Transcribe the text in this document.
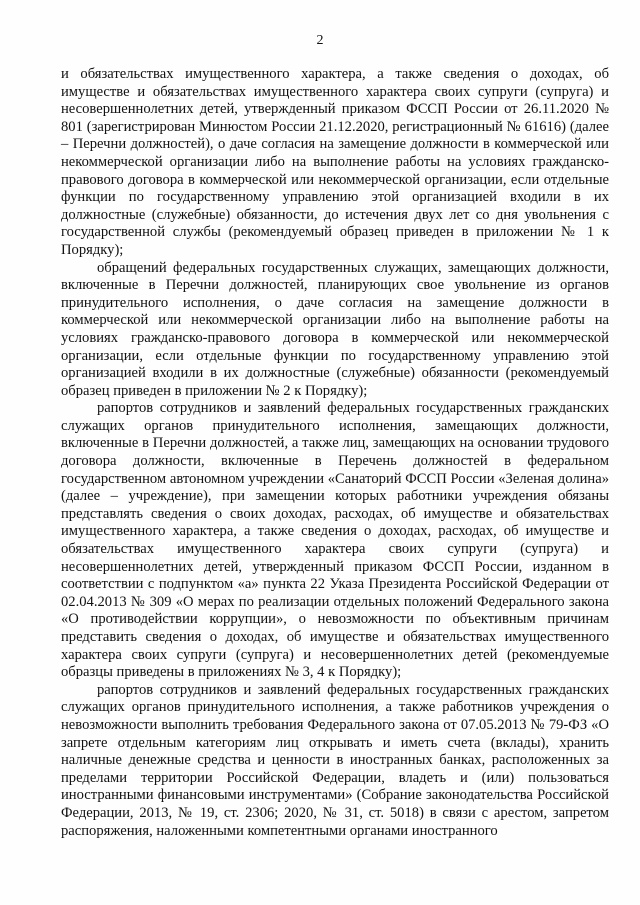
2

и обязательствах имущественного характера, а также сведения о доходах, об имуществе и обязательствах имущественного характера своих супруги (супруга) и несовершеннолетних детей, утвержденный приказом ФССП России от 26.11.2020 № 801 (зарегистрирован Минюстом России 21.12.2020, регистрационный № 61616) (далее – Перечни должностей), о даче согласия на замещение должности в коммерческой или некоммерческой организации либо на выполнение работы на условиях гражданско-правового договора в коммерческой или некоммерческой организации, если отдельные функции по государственному управлению этой организацией входили в их должностные (служебные) обязанности, до истечения двух лет со дня увольнения с государственной службы (рекомендуемый образец приведен в приложении № 1 к Порядку);

обращений федеральных государственных служащих, замещающих должности, включенные в Перечни должностей, планирующих свое увольнение из органов принудительного исполнения, о даче согласия на замещение должности в коммерческой или некоммерческой организации либо на выполнение работы на условиях гражданско-правового договора в коммерческой или некоммерческой организации, если отдельные функции по государственному управлению этой организацией входили в их должностные (служебные) обязанности (рекомендуемый образец приведен в приложении № 2 к Порядку);

рапортов сотрудников и заявлений федеральных государственных гражданских служащих органов принудительного исполнения, замещающих должности, включенные в Перечни должностей, а также лиц, замещающих на основании трудового договора должности, включенные в Перечень должностей в федеральном государственном автономном учреждении «Санаторий ФССП России «Зеленая долина» (далее – учреждение), при замещении которых работники учреждения обязаны представлять сведения о своих доходах, расходах, об имуществе и обязательствах имущественного характера, а также сведения о доходах, расходах, об имуществе и обязательствах имущественного характера своих супруги (супруга) и несовершеннолетних детей, утвержденный приказом ФССП России, изданном в соответствии с подпунктом «а» пункта 22 Указа Президента Российской Федерации от 02.04.2013 № 309 «О мерах по реализации отдельных положений Федерального закона «О противодействии коррупции», о невозможности по объективным причинам представить сведения о доходах, об имуществе и обязательствах имущественного характера своих супруги (супруга) и несовершеннолетних детей (рекомендуемые образцы приведены в приложениях № 3, 4 к Порядку);

рапортов сотрудников и заявлений федеральных государственных гражданских служащих органов принудительного исполнения, а также работников учреждения о невозможности выполнить требования Федерального закона от 07.05.2013 № 79-ФЗ «О запрете отдельным категориям лиц открывать и иметь счета (вклады), хранить наличные денежные средства и ценности в иностранных банках, расположенных за пределами территории Российской Федерации, владеть и (или) пользоваться иностранными финансовыми инструментами» (Собрание законодательства Российской Федерации, 2013, № 19, ст. 2306; 2020, № 31, ст. 5018) в связи с арестом, запретом распоряжения, наложенными компетентными органами иностранного
